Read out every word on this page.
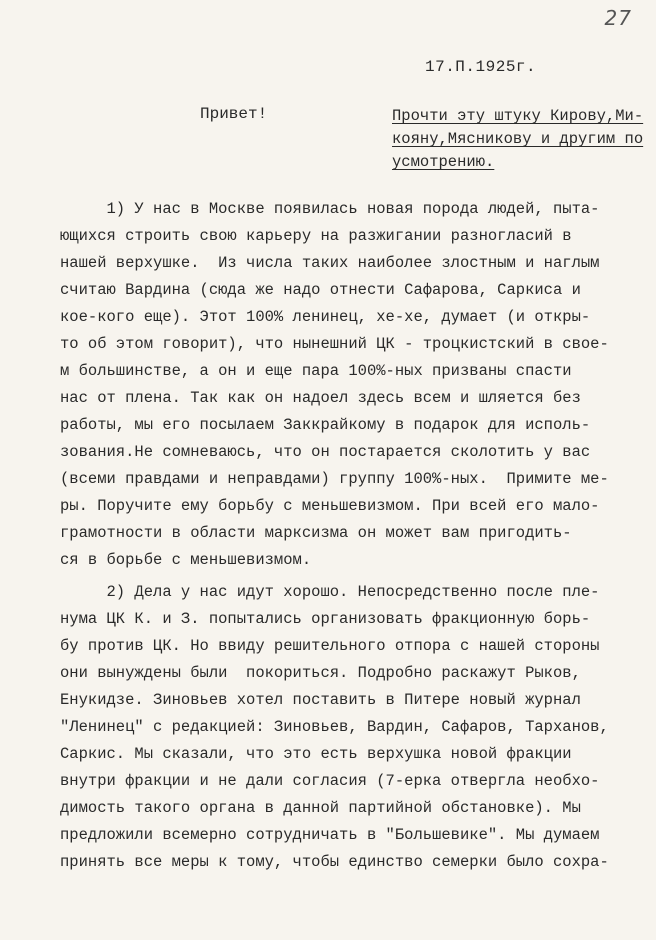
27
17.П.1925г.
Привет!	Прочти эту штуку Кирову,Ми-
кояну,Мясникову и другим по
усмотрению.
1) У нас в Москве появилась новая порода людей, пыта-
ющихся строить свою карьеру на разжигании разногласий в
нашей верхушке.  Из числа таких наиболее злостным и наглым
считаю Вардина (сюда же надо отнести Сафарова, Саркиса и
кое-когo еще). Этот 100% ленинец, хе-хе, думает (и откры-
то об этом говорит), что нынешний ЦК - троцкистский в свое-
м большинстве, а он и еще пара 100%-ных призваны спасти
нас от плена. Так как он надоел здесь всем и шляется без
работы, мы его посылаем Заккрайкому в подарок для исполь-
зования.Не сомневаюсь, что он постарается сколотить у вас
(всеми правдами и неправдами) группу 100%-ных.  Примите ме-
ры. Поручите ему борьбу с меньшевизмом. При всей его мало-
грамотности в области марксизма он может вам пригодить-
ся в борьбе с меньшевизмом.
2) Дела у нас идут хорошо. Непосредственно после пле-
нума ЦК К. и З. попытались организовать фракционную борь-
бу против ЦК. Но ввиду решительного отпора с нашей стороны
они вынуждены были  покориться. Подробно раскажут Рыков,
Енукидзе. Зиновьев хотел поставить в Питере новый журнал
"Ленинец" с редакцией: Зиновьев, Вардин, Сафаров, Тарханов,
Саркис. Мы сказали, что это есть верхушка новой фракции
внутри фракции и не дали согласия (7-ерка отвергла необхо-
димость такого органа в данной партийной обстановке). Мы
предложили всемерно сотрудничать в "Большевике". Мы думаем
принять все меры к тому, чтобы единство семерки было сохра-
